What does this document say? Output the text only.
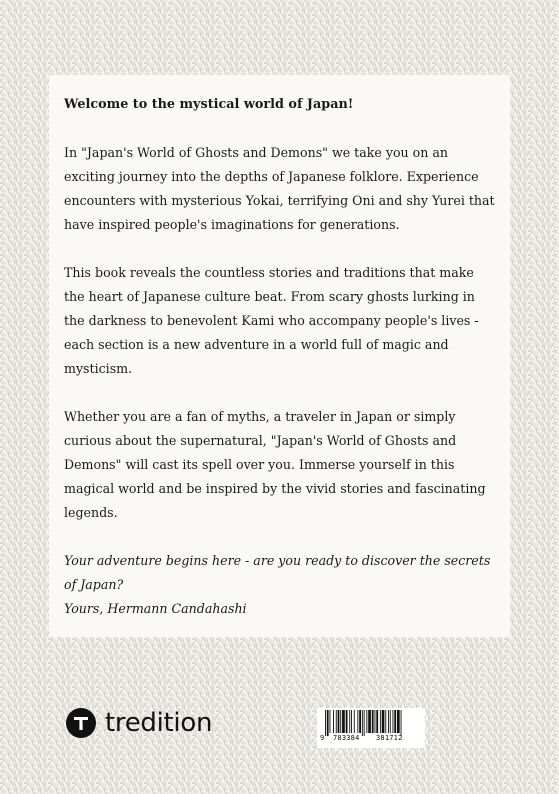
Welcome to the mystical world of Japan!

In "Japan's World of Ghosts and Demons" we take you on an exciting journey into the depths of Japanese folklore. Experience encounters with mysterious Yokai, terrifying Oni and shy Yurei that have inspired people's imaginations for generations.

This book reveals the countless stories and traditions that make the heart of Japanese culture beat. From scary ghosts lurking in the darkness to benevolent Kami who accompany people's lives - each section is a new adventure in a world full of magic and mysticism.

Whether you are a fan of myths, a traveler in Japan or simply curious about the supernatural, "Japan's World of Ghosts and Demons" will cast its spell over you. Immerse yourself in this magical world and be inspired by the vivid stories and fascinating legends.

Your adventure begins here - are you ready to discover the secrets of Japan?
Yours, Hermann Candahashi

tredition	9 783384 381712
